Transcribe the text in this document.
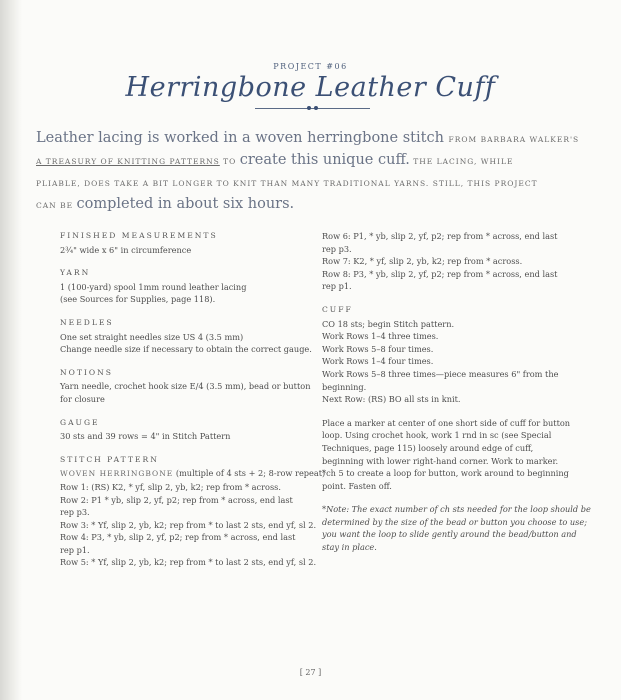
PROJECT #06
Herringbone Leather Cuff
Leather lacing is worked in a woven herringbone stitch FROM BARBARA WALKER'S
A TREASURY OF KNITTING PATTERNS TO create this unique cuff. THE LACING, WHILE
PLIABLE, DOES TAKE A BIT LONGER TO KNIT THAN MANY TRADITIONAL YARNS. STILL, THIS PROJECT
CAN BE completed in about six hours.
FINISHED MEASUREMENTS
2¾" wide x 6" in circumference
YARN
1 (100-yard) spool 1mm round leather lacing
(see Sources for Supplies, page 118).
NEEDLES
One set straight needles size US 4 (3.5 mm)
Change needle size if necessary to obtain the correct gauge.
NOTIONS
Yarn needle, crochet hook size E/4 (3.5 mm), bead or button
for closure
GAUGE
30 sts and 39 rows = 4" in Stitch Pattern
STITCH PATTERN
WOVEN HERRINGBONE (multiple of 4 sts + 2; 8-row repeat)
Row 1: (RS) K2, * yf, slip 2, yb, k2; rep from * across.
Row 2: P1 * yb, slip 2, yf, p2; rep from * across, end last
rep p3.
Row 3: * Yf, slip 2, yb, k2; rep from * to last 2 sts, end yf, sl 2.
Row 4: P3, * yb, slip 2, yf, p2; rep from * across, end last
rep p1.
Row 5: * Yf, slip 2, yb, k2; rep from * to last 2 sts, end yf, sl 2.
Row 6: P1, * yb, slip 2, yf, p2; rep from * across, end last
rep p3.
Row 7: K2, * yf, slip 2, yb, k2; rep from * across.
Row 8: P3, * yb, slip 2, yf, p2; rep from * across, end last
rep p1.
CUFF
CO 18 sts; begin Stitch pattern.
Work Rows 1–4 three times.
Work Rows 5–8 four times.
Work Rows 1–4 four times.
Work Rows 5–8 three times—piece measures 6" from the
beginning.
Next Row: (RS) BO all sts in knit.
Place a marker at center of one short side of cuff for button
loop. Using crochet hook, work 1 rnd in sc (see Special
Techniques, page 115) loosely around edge of cuff,
beginning with lower right-hand corner. Work to marker.
*ch 5 to create a loop for button, work around to beginning
point. Fasten off.
*Note: The exact number of ch sts needed for the loop should be
determined by the size of the bead or button you choose to use;
you want the loop to slide gently around the bead/button and
stay in place.
[ 27 ]
